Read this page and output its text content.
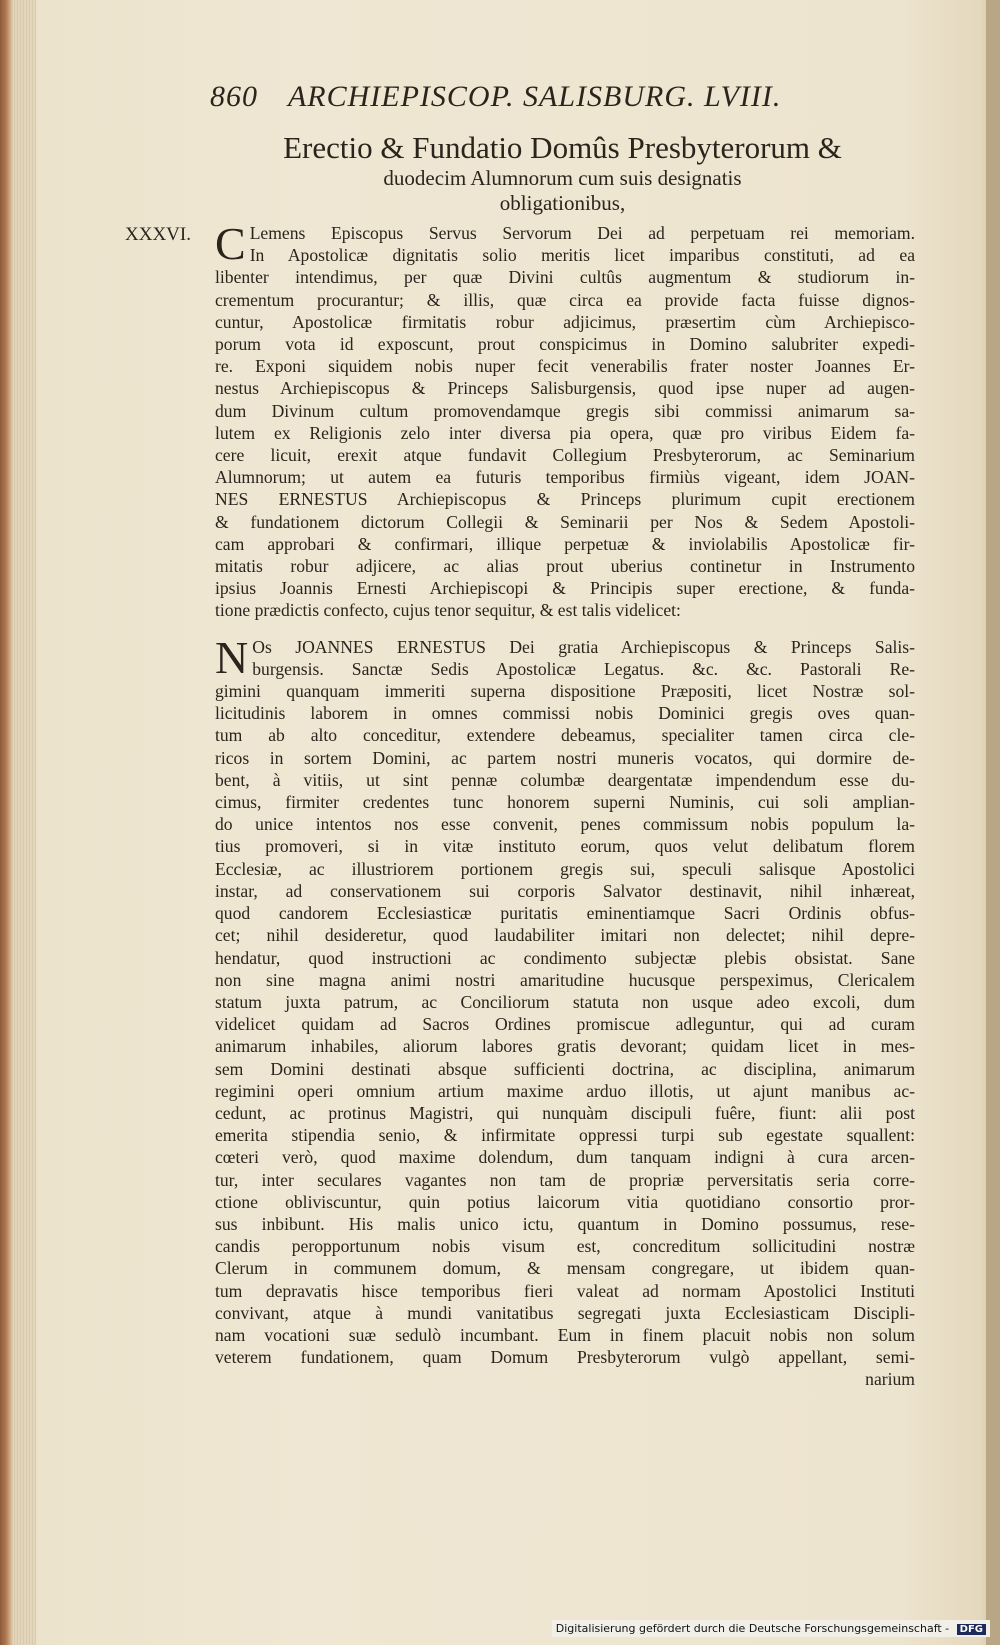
860 ARCHIEPISCOP. SALISBURG. LVIII.
Erectio & Fundatio Domûs Presbyterorum &
duodecim Alumnorum cum suis designatis
obligationibus,
XXXVI. C Lemens Episcopus Servus Servorum Dei ad perpetuam rei memoriam.
In Apostolicæ dignitatis solio meritis licet imparibus constituti, ad ea
libenter intendimus, per quæ Divini cultûs augmentum & studiorum in-
crementum procurantur; & illis, quæ circa ea provide facta fuisse dignos-
cuntur, Apostolicæ firmitatis robur adjicimus, præsertim cùm Archiepisco-
porum vota id exposcunt, prout conspicimus in Domino salubriter expedi-
re. Exponi siquidem nobis nuper fecit venerabilis frater noster Joannes Er-
nestus Archiepiscopus & Princeps Salisburgensis, quod ipse nuper ad augen-
dum Divinum cultum promovendamque gregis sibi commissi animarum sa-
lutem ex Religionis zelo inter diversa pia opera, quæ pro viribus Eidem fa-
cere licuit, erexit atque fundavit Collegium Presbyterorum, ac Seminarium
Alumnorum; ut autem ea futuris temporibus firmiùs vigeant, idem JOAN-
NES ERNESTUS Archiepiscopus & Princeps plurimum cupit erectionem
& fundationem dictorum Collegii & Seminarii per Nos & Sedem Apostoli-
cam approbari & confirmari, illique perpetuæ & inviolabilis Apostolicæ fir-
mitatis robur adjicere, ac alias prout uberius continetur in Instrumento
ipsius Joannis Ernesti Archiepiscopi & Principis super erectione, & funda-
tione prædictis confecto, cujus tenor sequitur, & est talis videlicet:
N Os JOANNES ERNESTUS Dei gratia Archiepiscopus & Princeps Salis-
burgensis. Sanctæ Sedis Apostolicæ Legatus. &c. &c. Pastorali Re-
gimini quanquam immeriti superna dispositione Præpositi, licet Nostræ sol-
licitudinis laborem in omnes commissi nobis Dominici gregis oves quan-
tum ab alto conceditur, extendere debeamus, specialiter tamen circa cle-
ricos in sortem Domini, ac partem nostri muneris vocatos, qui dormire de-
bent, à vitiis, ut sint pennæ columbæ deargentatæ impendendum esse du-
cimus, firmiter credentes tunc honorem superni Numinis, cui soli amplian-
do unice intentos nos esse convenit, penes commissum nobis populum la-
tius promoveri, si in vitæ instituto eorum, quos velut delibatum florem
Ecclesiæ, ac illustriorem portionem gregis sui, speculi salisque Apostolici
instar, ad conservationem sui corporis Salvator destinavit, nihil inhæreat,
quod candorem Ecclesiasticæ puritatis eminentiamque Sacri Ordinis obfus-
cet; nihil desideretur, quod laudabiliter imitari non delectet; nihil depre-
hendatur, quod instructioni ac condimento subjectæ plebis obsistat. Sane
non sine magna animi nostri amaritudine hucusque perspeximus, Clericalem
statum juxta patrum, ac Conciliorum statuta non usque adeo excoli, dum
videlicet quidam ad Sacros Ordines promiscue adleguntur, qui ad curam
animarum inhabiles, aliorum labores gratis devorant; quidam licet in mes-
sem Domini destinati absque sufficienti doctrina, ac disciplina, animarum
regimini operi omnium artium maxime arduo illotis, ut ajunt manibus ac-
cedunt, ac protinus Magistri, qui nunquàm discipuli fuêre, fiunt: alii post
emerita stipendia senio, & infirmitate oppressi turpi sub egestate squallent:
cœteri verò, quod maxime dolendum, dum tanquam indigni à cura arcen-
tur, inter seculares vagantes non tam de propriæ perversitatis seria corre-
ctione obliviscuntur, quin potius laicorum vitia quotidiano consortio pror-
sus inbibunt. His malis unico ictu, quantum in Domino possumus, rese-
candis peropportunum nobis visum est, concreditum sollicitudini nostræ
Clerum in communem domum, & mensam congregare, ut ibidem quan-
tum depravatis hisce temporibus fieri valeat ad normam Apostolici Instituti
convivant, atque à mundi vanitatibus segregati juxta Ecclesiasticam Discipli-
nam vocationi suæ sedulò incumbant. Eum in finem placuit nobis non solum
veterem fundationem, quam Domum Presbyterorum vulgò appellant, semi-
narium
Digitalisierung gefördert durch die Deutsche Forschungsgemeinschaft - DFG
